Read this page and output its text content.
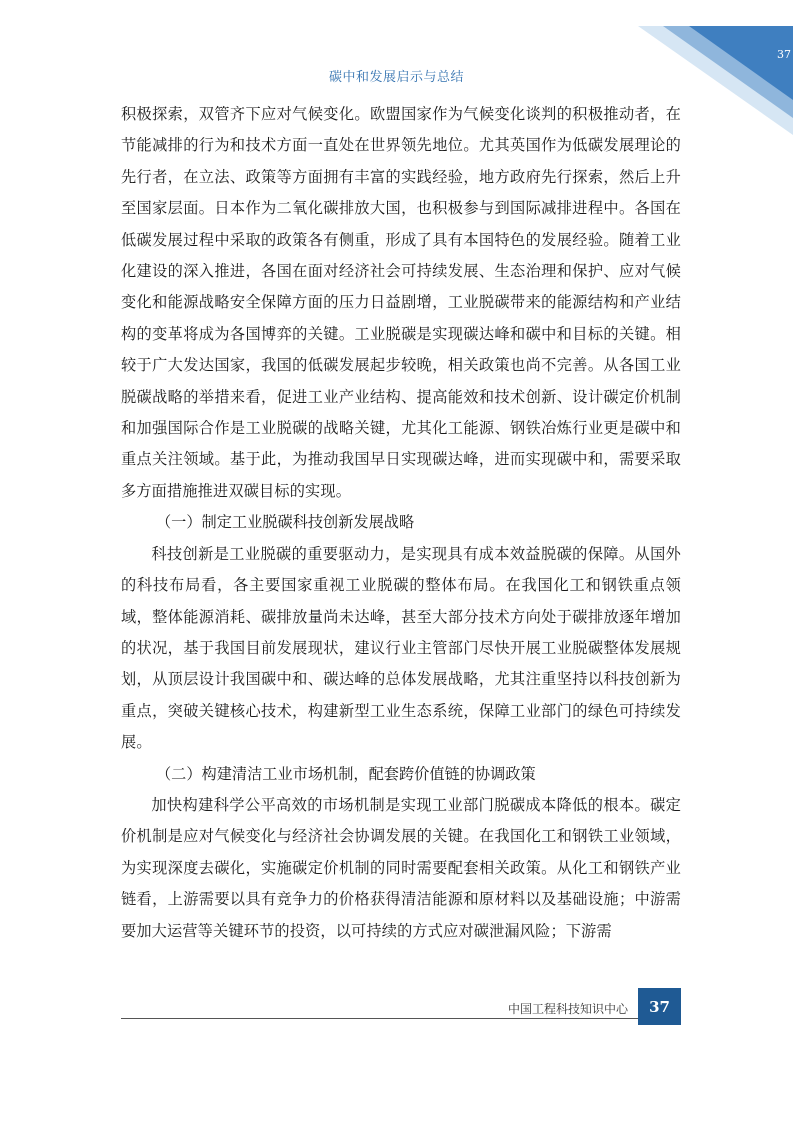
37
碳中和发展启示与总结

积极探索，双管齐下应对气候变化。欧盟国家作为气候变化谈判的积极推动者，在节能减排的行为和技术方面一直处在世界领先地位。尤其英国作为低碳发展理论的先行者，在立法、政策等方面拥有丰富的实践经验，地方政府先行探索，然后上升至国家层面。日本作为二氧化碳排放大国，也积极参与到国际减排进程中。各国在低碳发展过程中采取的政策各有侧重，形成了具有本国特色的发展经验。随着工业化建设的深入推进，各国在面对经济社会可持续发展、生态治理和保护、应对气候变化和能源战略安全保障方面的压力日益剧增，工业脱碳带来的能源结构和产业结构的变革将成为各国博弈的关键。工业脱碳是实现碳达峰和碳中和目标的关键。相较于广大发达国家，我国的低碳发展起步较晚，相关政策也尚不完善。从各国工业脱碳战略的举措来看，促进工业产业结构、提高能效和技术创新、设计碳定价机制和加强国际合作是工业脱碳的战略关键，尤其化工能源、钢铁冶炼行业更是碳中和重点关注领域。基于此，为推动我国早日实现碳达峰，进而实现碳中和，需要采取多方面措施推进双碳目标的实现。

（一）制定工业脱碳科技创新发展战略

科技创新是工业脱碳的重要驱动力，是实现具有成本效益脱碳的保障。从国外的科技布局看，各主要国家重视工业脱碳的整体布局。在我国化工和钢铁重点领域，整体能源消耗、碳排放量尚未达峰，甚至大部分技术方向处于碳排放逐年增加的状况，基于我国目前发展现状，建议行业主管部门尽快开展工业脱碳整体发展规划，从顶层设计我国碳中和、碳达峰的总体发展战略，尤其注重坚持以科技创新为重点，突破关键核心技术，构建新型工业生态系统，保障工业部门的绿色可持续发展。

（二）构建清洁工业市场机制，配套跨价值链的协调政策

加快构建科学公平高效的市场机制是实现工业部门脱碳成本降低的根本。碳定价机制是应对气候变化与经济社会协调发展的关键。在我国化工和钢铁工业领域，为实现深度去碳化，实施碳定价机制的同时需要配套相关政策。从化工和钢铁产业链看，上游需要以具有竞争力的价格获得清洁能源和原材料以及基础设施；中游需要加大运营等关键环节的投资，以可持续的方式应对碳泄漏风险；下游需

中国工程科技知识中心	37
